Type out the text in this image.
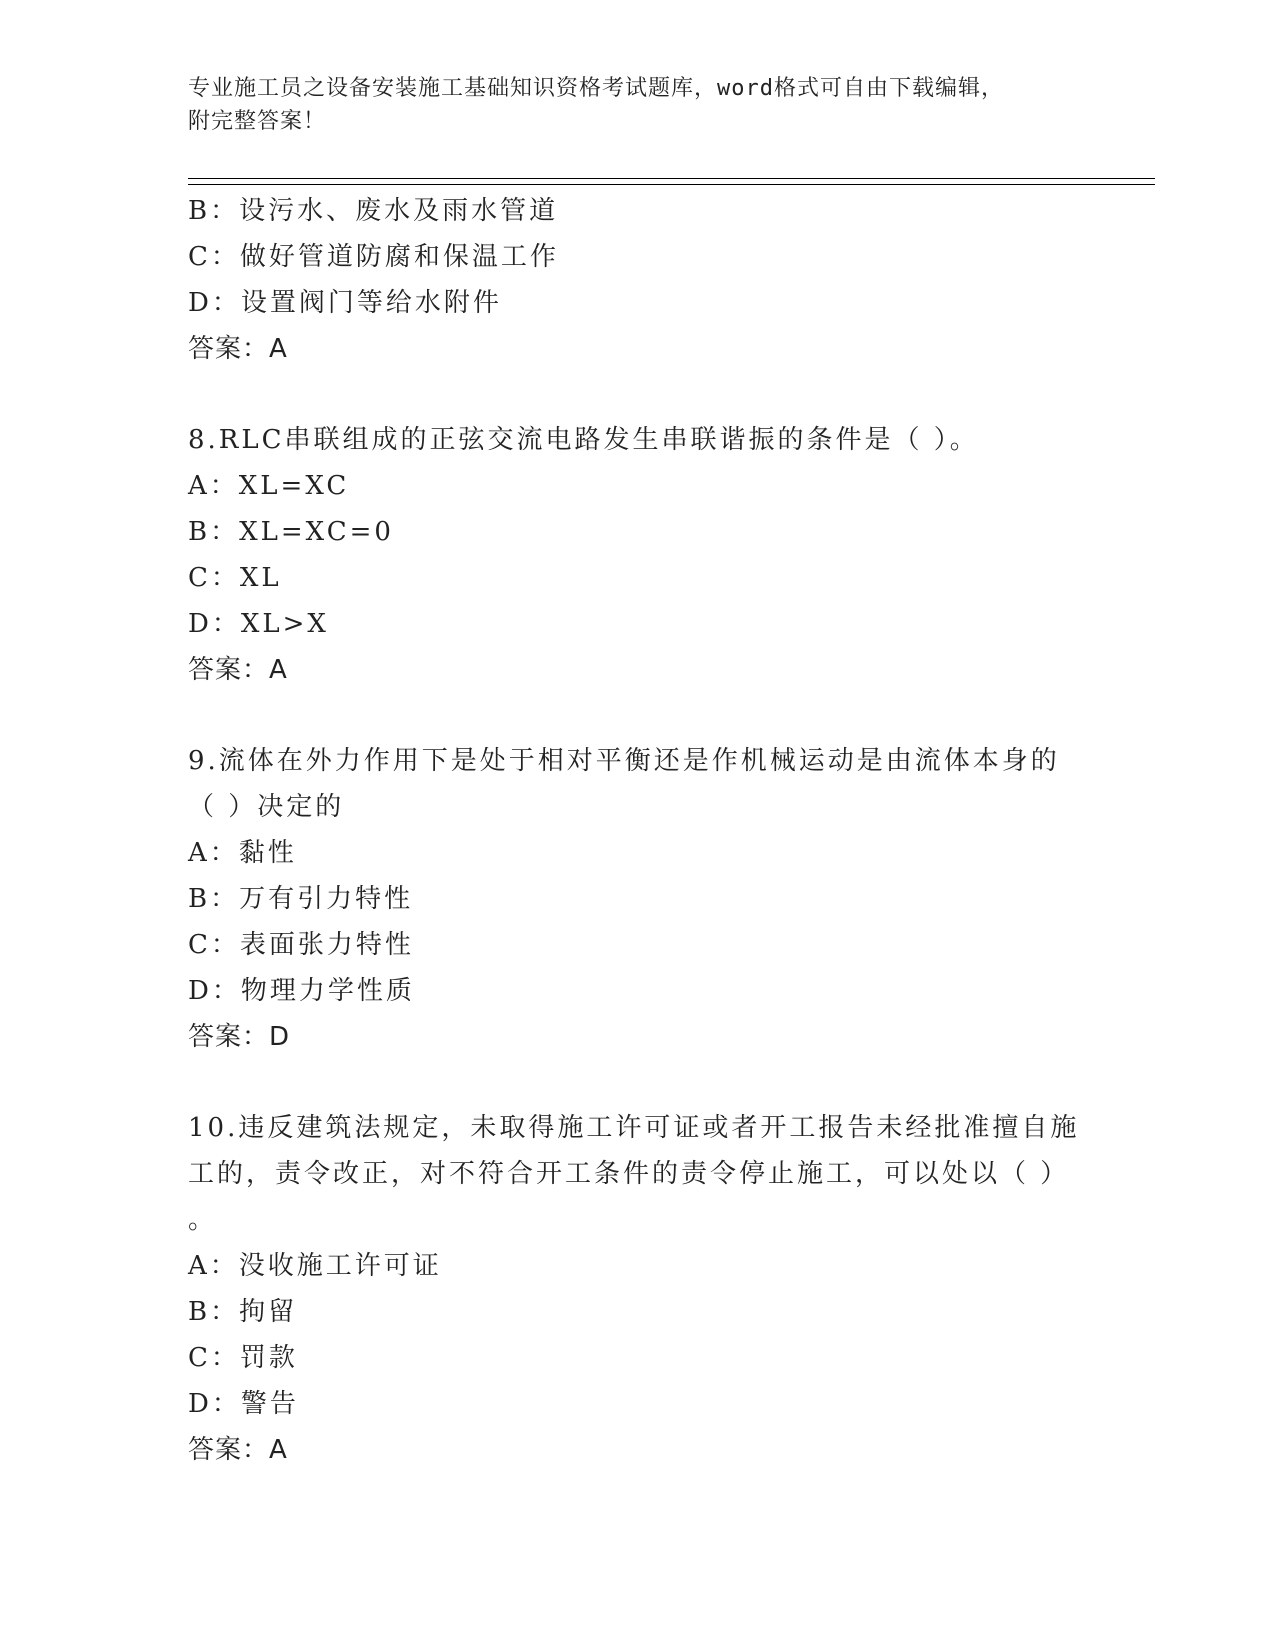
专业施工员之设备安装施工基础知识资格考试题库，word格式可自由下载编辑，
附完整答案！
B：设污水、废水及雨水管道
C：做好管道防腐和保温工作
D：设置阀门等给水附件
答案：A
8.RLC串联组成的正弦交流电路发生串联谐振的条件是（ ）。
A：XL=XC
B：XL=XC=0
C：XL
D：XL>X
答案：A
9.流体在外力作用下是处于相对平衡还是作机械运动是由流体本身的
（ ）决定的
A：黏性
B：万有引力特性
C：表面张力特性
D：物理力学性质
答案：D
10.违反建筑法规定，未取得施工许可证或者开工报告未经批准擅自施
工的，责令改正，对不符合开工条件的责令停止施工，可以处以（ ）
。
A：没收施工许可证
B：拘留
C：罚款
D：警告
答案：A
